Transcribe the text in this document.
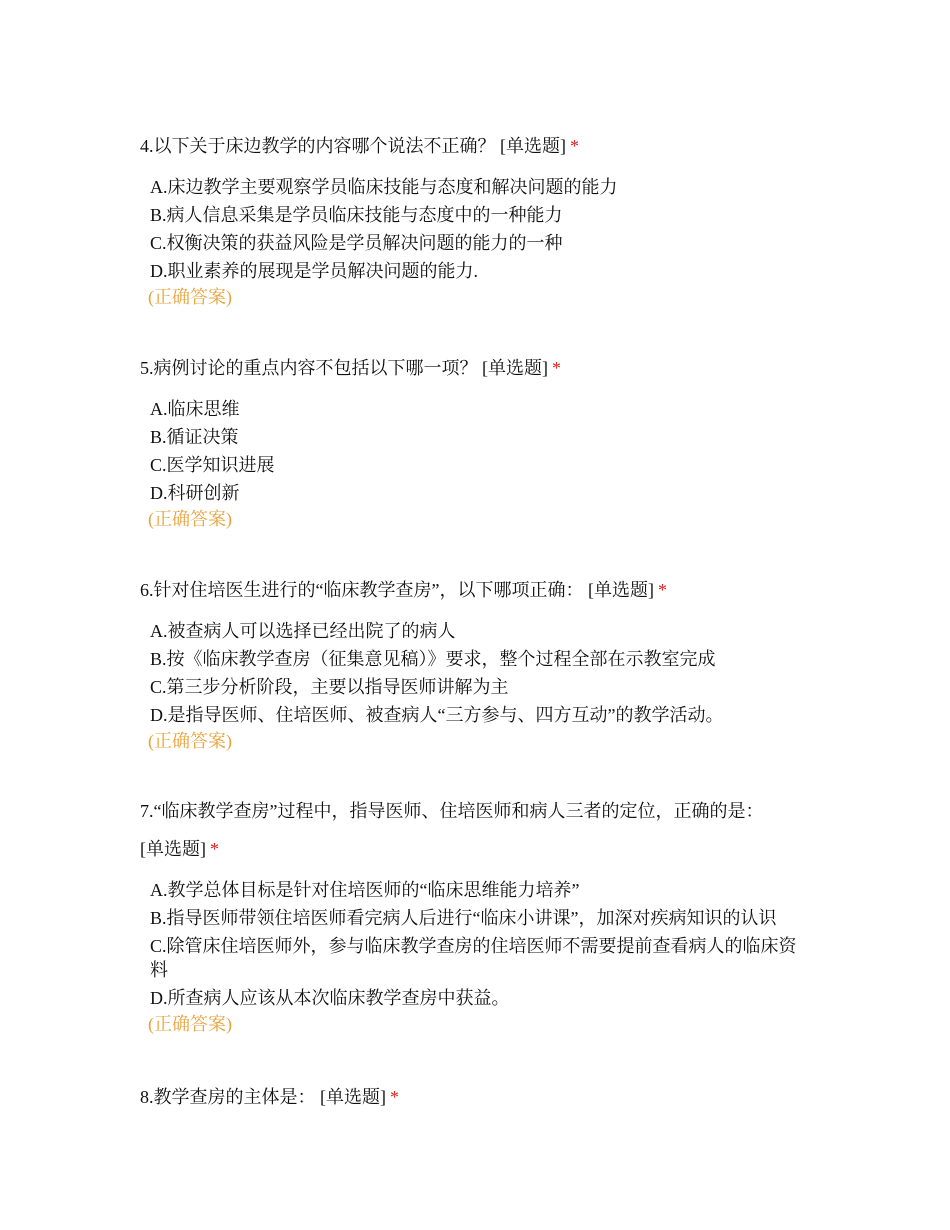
4.以下关于床边教学的内容哪个说法不正确？ [单选题] *
A.床边教学主要观察学员临床技能与态度和解决问题的能力
B.病人信息采集是学员临床技能与态度中的一种能力
C.权衡决策的获益风险是学员解决问题的能力的一种
D.职业素养的展现是学员解决问题的能力.
(正确答案)
5.病例讨论的重点内容不包括以下哪一项？ [单选题] *
A.临床思维
B.循证决策
C.医学知识进展
D.科研创新
(正确答案)
6.针对住培医生进行的“临床教学查房”，以下哪项正确： [单选题] *
A.被查病人可以选择已经出院了的病人
B.按《临床教学查房（征集意见稿）》要求，整个过程全部在示教室完成
C.第三步分析阶段，主要以指导医师讲解为主
D.是指导医师、住培医师、被查病人“三方参与、四方互动”的教学活动。
(正确答案)
7.“临床教学查房”过程中，指导医师、住培医师和病人三者的定位，正确的是：
[单选题] *
A.教学总体目标是针对住培医师的“临床思维能力培养”
B.指导医师带领住培医师看完病人后进行“临床小讲课”，加深对疾病知识的认识
C.除管床住培医师外，参与临床教学查房的住培医师不需要提前查看病人的临床资料
D.所查病人应该从本次临床教学查房中获益。
(正确答案)
8.教学查房的主体是： [单选题] *
